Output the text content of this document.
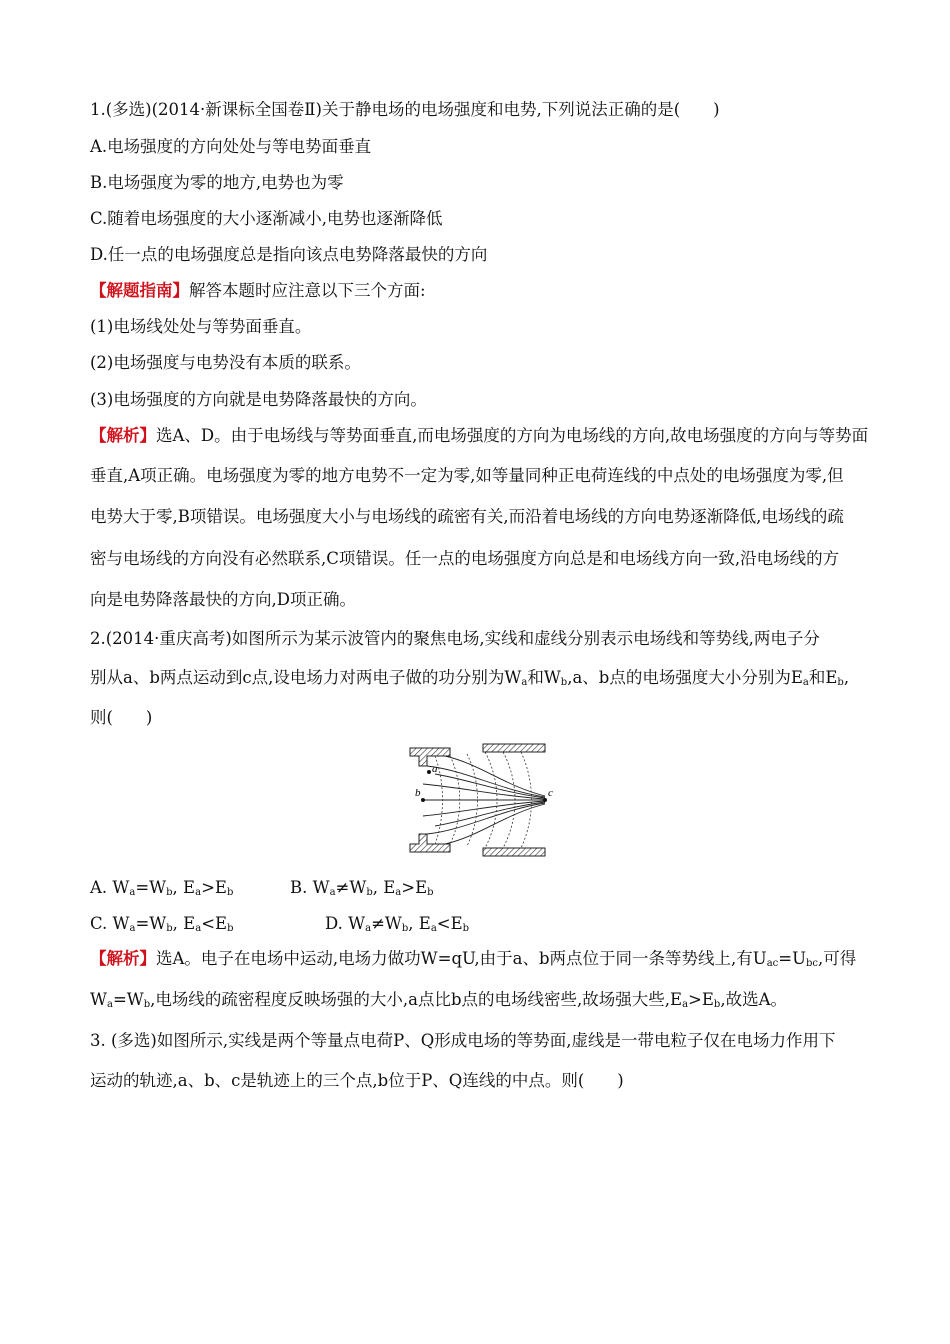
1.(多选)(2014·新课标全国卷Ⅱ)关于静电场的电场强度和电势,下列说法正确的是(　　)
A.电场强度的方向处处与等电势面垂直
B.电场强度为零的地方,电势也为零
C.随着电场强度的大小逐渐减小,电势也逐渐降低
D.任一点的电场强度总是指向该点电势降落最快的方向
【解题指南】解答本题时应注意以下三个方面:
(1)电场线处处与等势面垂直。
(2)电场强度与电势没有本质的联系。
(3)电场强度的方向就是电势降落最快的方向。
【解析】选A、D。由于电场线与等势面垂直,而电场强度的方向为电场线的方向,故电场强度的方向与等势面
垂直,A项正确。电场强度为零的地方电势不一定为零,如等量同种正电荷连线的中点处的电场强度为零,但
电势大于零,B项错误。电场强度大小与电场线的疏密有关,而沿着电场线的方向电势逐渐降低,电场线的疏
密与电场线的方向没有必然联系,C项错误。任一点的电场强度方向总是和电场线方向一致,沿电场线的方
向是电势降落最快的方向,D项正确。
2.(2014·重庆高考)如图所示为某示波管内的聚焦电场,实线和虚线分别表示电场线和等势线,两电子分
别从a、b两点运动到c点,设电场力对两电子做的功分别为$W_a$和$W_b,a$、b点的电场强度大小分别为$E_a$和$E_b$,
则(　　)
a
b	c
A. $W_a=W_b$, $E_a>E_b$	B. $W_a\ne W_b$, $E_a>E_b$
C. $W_a=W_b$, $E_a<E_b$	D. $W_a\ne W_b$, $E_a<E_b$
【解析】选A。电子在电场中运动,电场力做功W=qU,由于a、b两点位于同一条等势线上,有$U_{ac}=U_{bc}$,可得
$W_a=W_b$,电场线的疏密程度反映场强的大小,a点比b点的电场线密些,故场强大些$,E_a>E_b$,故选A。
3. (多选)如图所示,实线是两个等量点电荷P、Q形成电场的等势面,虚线是一带电粒子仅在电场力作用下
运动的轨迹,a、b、c是轨迹上的三个点,b位于P、Q连线的中点。则(　　)
